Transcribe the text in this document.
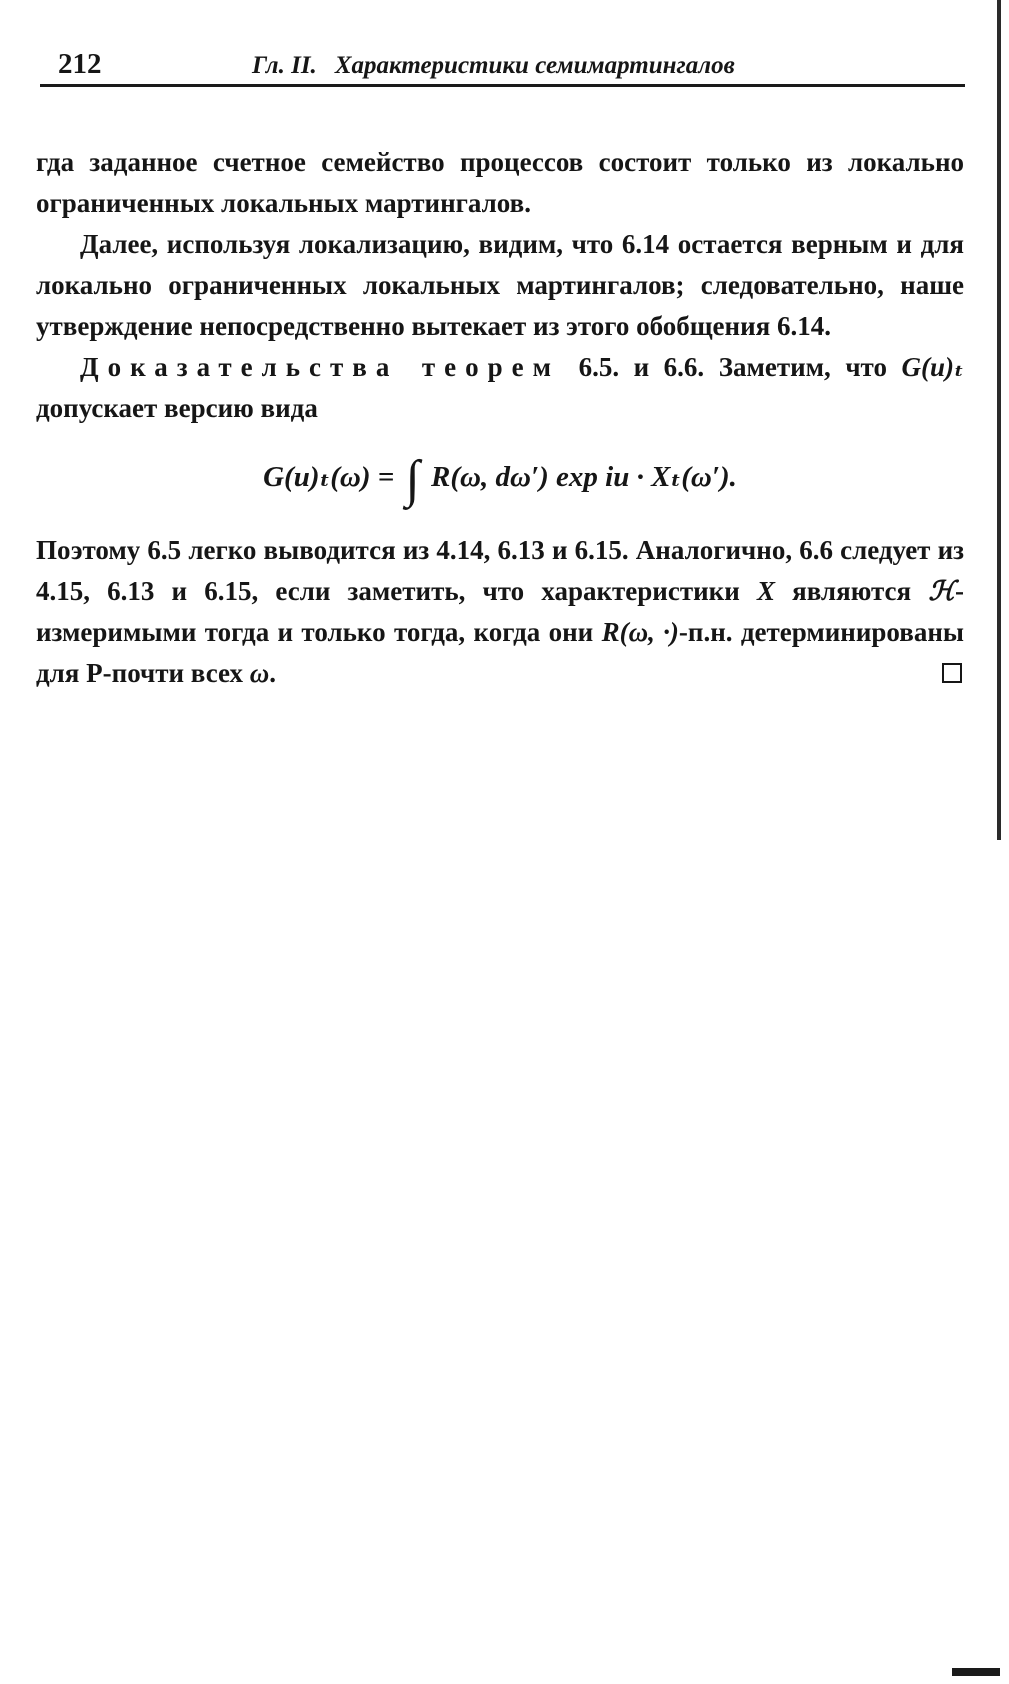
212	Гл. II. Характеристики семимартингалов

гда заданное счетное семейство процессов состоит только из локально ограниченных локальных мартингалов.

Далее, используя локализацию, видим, что 6.14 остается верным и для локально ограниченных локальных мартингалов; следовательно, наше утверждение непосредственно вытекает из этого обобщения 6.14.

Доказательства теорем 6.5. и 6.6. Заметим, что G(u)ₜ допускает версию вида

G(u)ₜ(ω) = ∫ R(ω, dω′) exp iu · Xₜ(ω′).

Поэтому 6.5 легко выводится из 4.14, 6.13 и 6.15. Аналогично, 6.6 следует из 4.15, 6.13 и 6.15, если заметить, что характеристики X являются ℋ-измеримыми тогда и только тогда, когда они R(ω, ·)-п.н. детерминированы для P-почти всех ω.
